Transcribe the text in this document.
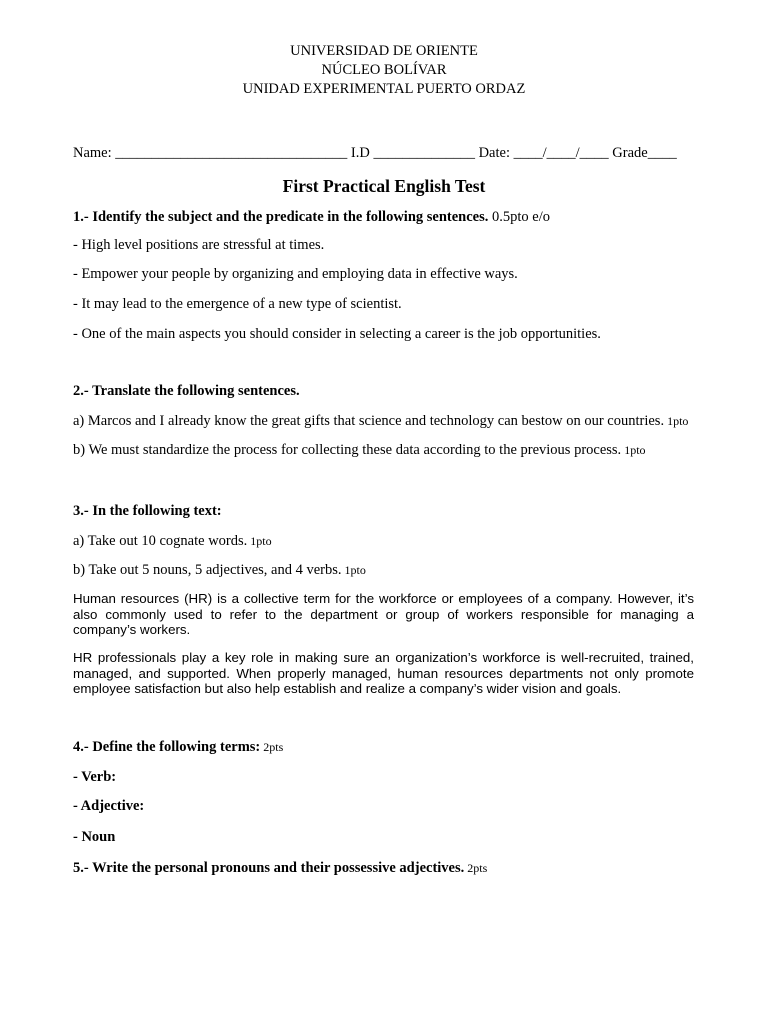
UNIVERSIDAD DE ORIENTE
NÚCLEO BOLÍVAR
UNIDAD EXPERIMENTAL PUERTO ORDAZ
Name: ________________________________ I.D ______________ Date: ____/____/____ Grade____
First Practical English Test
1.- Identify the subject and the predicate in the following sentences. 0.5pto e/o
- High level positions are stressful at times.
- Empower your people by organizing and employing data in effective ways.
- It may lead to the emergence of a new type of scientist.
- One of the main aspects you should consider in selecting a career is the job opportunities.
2.- Translate the following sentences.
a) Marcos and I already know the great gifts that science and technology can bestow on our countries. 1pto
b) We must standardize the process for collecting these data according to the previous process. 1pto
3.- In the following text:
a) Take out 10 cognate words. 1pto
b) Take out 5 nouns, 5 adjectives, and 4 verbs. 1pto
Human resources (HR) is a collective term for the workforce or employees of a company. However, it’s also commonly used to refer to the department or group of workers responsible for managing a company’s workers.
HR professionals play a key role in making sure an organization’s workforce is well-recruited, trained, managed, and supported. When properly managed, human resources departments not only promote employee satisfaction but also help establish and realize a company’s wider vision and goals.
4.- Define the following terms: 2pts
- Verb:
- Adjective:
- Noun
5.- Write the personal pronouns and their possessive adjectives. 2pts
